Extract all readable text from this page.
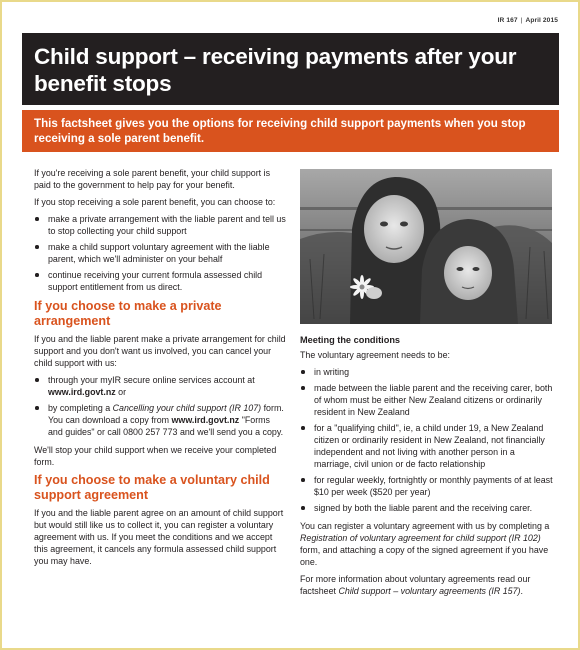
IR 167 | April 2015
Child support – receiving payments after your benefit stops

This factsheet gives you the options for receiving child support payments when you stop receiving a sole parent benefit.

If you're receiving a sole parent benefit, your child support is paid to the government to help pay for your benefit.

If you stop receiving a sole parent benefit, you can choose to:

make a private arrangement with the liable parent and tell us to stop collecting your child support
make a child support voluntary agreement with the liable parent, which we'll administer on your behalf
continue receiving your current formula assessed child support entitlement from us direct.
If you choose to make a private arrangement

If you and the liable parent make a private arrangement for child support and you don't want us involved, you can cancel your child support with us:

through your myIR secure online services account at www.ird.govt.nz or
by completing a Cancelling your child support (IR 107) form. You can download a copy from www.ird.govt.nz "Forms and guides" or call 0800 257 773 and we'll send you a copy.

We'll stop your child support when we receive your completed form.

If you choose to make a voluntary child support agreement

If you and the liable parent agree on an amount of child support but would still like us to collect it, you can register a voluntary agreement with us. If you meet the conditions and we accept this agreement, it cancels any formula assessed child support you may have.

Meeting the conditions

The voluntary agreement needs to be:

in writing
made between the liable parent and the receiving carer, both of whom must be either New Zealand citizens or ordinarily resident in New Zealand
for a "qualifying child", ie, a child under 19, a New Zealand citizen or ordinarily resident in New Zealand, not financially independent and not living with another person in a marriage, civil union or de facto relationship
for regular weekly, fortnightly or monthly payments of at least $10 per week ($520 per year)
signed by both the liable parent and the receiving carer.

You can register a voluntary agreement with us by completing a Registration of voluntary agreement for child support (IR 102) form, and attaching a copy of the signed agreement if you have one.

For more information about voluntary agreements read our factsheet Child support – voluntary agreements (IR 157).
